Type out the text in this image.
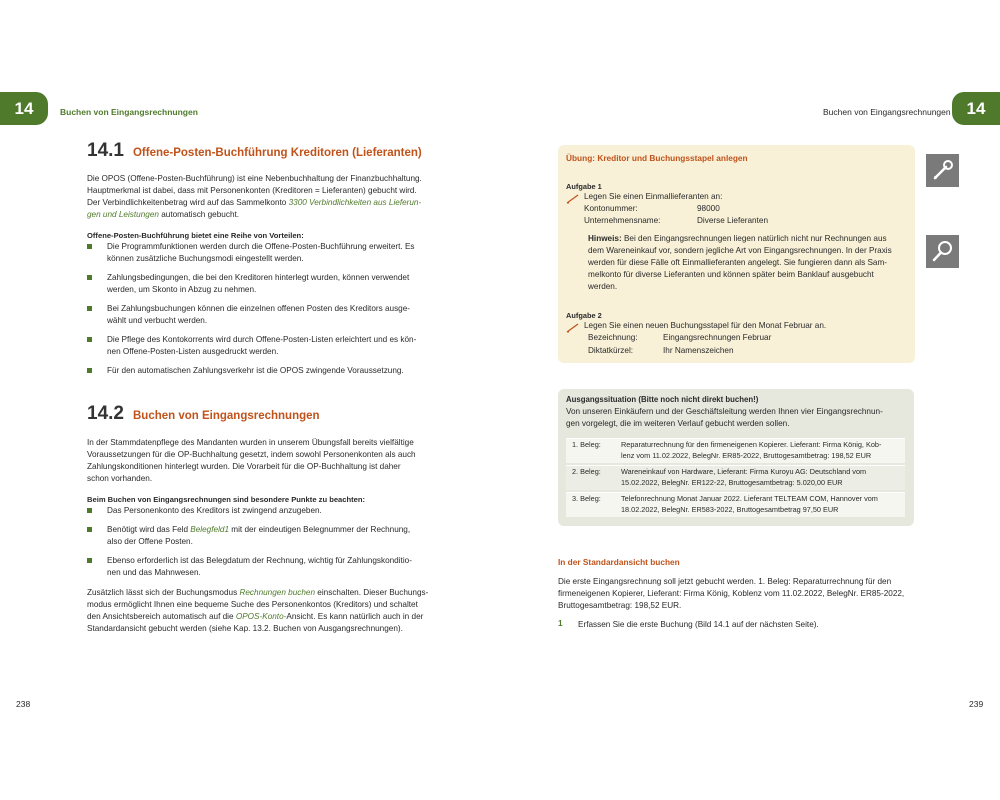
14	Buchen von Eingangsrechnungen	Buchen von Eingangsrechnungen 14
14.1 Offene-Posten-Buchführung Kreditoren (Lieferanten)
Die OPOS (Offene-Posten-Buchführung) ist eine Nebenbuchhaltung der Finanzbuchhaltung.
Hauptmerkmal ist dabei, dass mit Personenkonten (Kreditoren = Lieferanten) gebucht wird.
Der Verbindlichkeitenbetrag wird auf das Sammelkonto 3300 Verbindlichkeiten aus Lieferun-
gen und Leistungen automatisch gebucht.
Offene-Posten-Buchführung bietet eine Reihe von Vorteilen:
Die Programmfunktionen werden durch die Offene-Posten-Buchführung erweitert. Es
können zusätzliche Buchungsmodi eingestellt werden.
Zahlungsbedingungen, die bei den Kreditoren hinterlegt wurden, können verwendet
werden, um Skonto in Abzug zu nehmen.
Bei Zahlungsbuchungen können die einzelnen offenen Posten des Kreditors ausge-
wählt und verbucht werden.
Die Pflege des Kontokorrents wird durch Offene-Posten-Listen erleichtert und es kön-
nen Offene-Posten-Listen ausgedruckt werden.
Für den automatischen Zahlungsverkehr ist die OPOS zwingende Voraussetzung.
14.2 Buchen von Eingangsrechnungen
In der Stammdatenpflege des Mandanten wurden in unserem Übungsfall bereits vielfältige
Voraussetzungen für die OP-Buchhaltung gesetzt, indem sowohl Personenkonten als auch
Zahlungskonditionen hinterlegt wurden. Die Vorarbeit für die OP-Buchhaltung ist daher
schon vorhanden.
Beim Buchen von Eingangsrechnungen sind besondere Punkte zu beachten:
Das Personenkonto des Kreditors ist zwingend anzugeben.
Benötigt wird das Feld Belegfeld1 mit der eindeutigen Belegnummer der Rechnung,
also der Offene Posten.
Ebenso erforderlich ist das Belegdatum der Rechnung, wichtig für Zahlungskonditio-
nen und das Mahnwesen.
Zusätzlich lässt sich der Buchungsmodus Rechnungen buchen einschalten. Dieser Buchungs-
modus ermöglicht Ihnen eine bequeme Suche des Personenkontos (Kreditors) und schaltet
den Ansichtsbereich automatisch auf die OPOS-Konto-Ansicht. Es kann natürlich auch in der
Standardansicht gebucht werden (siehe Kap. 13.2. Buchen von Ausgangsrechnungen).
238
Übung: Kreditor und Buchungsstapel anlegen
Aufgabe 1
Legen Sie einen Einmallieferanten an:
Kontonummer:	98000
Unternehmensname:	Diverse Lieferanten
Hinweis: Bei den Eingangsrechnungen liegen natürlich nicht nur Rechnungen aus
dem Wareneinkauf vor, sondern jegliche Art von Eingangsrechnungen. In der Praxis
werden für diese Fälle oft Einmallieferanten angelegt. Sie fungieren dann als Sam-
melkonto für diverse Lieferanten und können später beim Banklauf ausgebucht
werden.
Aufgabe 2
Legen Sie einen neuen Buchungsstapel für den Monat Februar an.
Bezeichnung:	Eingangsrechnungen Februar
Diktatkürzel:	Ihr Namenszeichen
Ausgangssituation (Bitte noch nicht direkt buchen!)
Von unseren Einkäufern und der Geschäftsleitung werden Ihnen vier Eingangsrechnun-
gen vorgelegt, die im weiteren Verlauf gebucht werden sollen.
1. Beleg:	Reparaturrechnung für den firmeneigenen Kopierer. Lieferant: Firma König, Kob-
lenz vom 11.02.2022, BelegNr. ER85-2022, Bruttogesamtbetrag: 198,52 EUR
2. Beleg:	Wareneinkauf von Hardware, Lieferant: Firma Kuroyu AG: Deutschland vom
15.02.2022, BelegNr. ER122-22, Bruttogesamtbetrag: 5.020,00 EUR
3. Beleg:	Telefonrechnung Monat Januar 2022. Lieferant TELTEAM COM, Hannover vom
18.02.2022, BelegNr. ER583-2022, Bruttogesamtbetrag 97,50 EUR
In der Standardansicht buchen
Die erste Eingangsrechnung soll jetzt gebucht werden. 1. Beleg: Reparaturrechnung für den
firmeneigenen Kopierer, Lieferant: Firma König, Koblenz vom 11.02.2022, BelegNr. ER85-2022,
Bruttogesamtbetrag: 198,52 EUR.
1 Erfassen Sie die erste Buchung (Bild 14.1 auf der nächsten Seite).
239
